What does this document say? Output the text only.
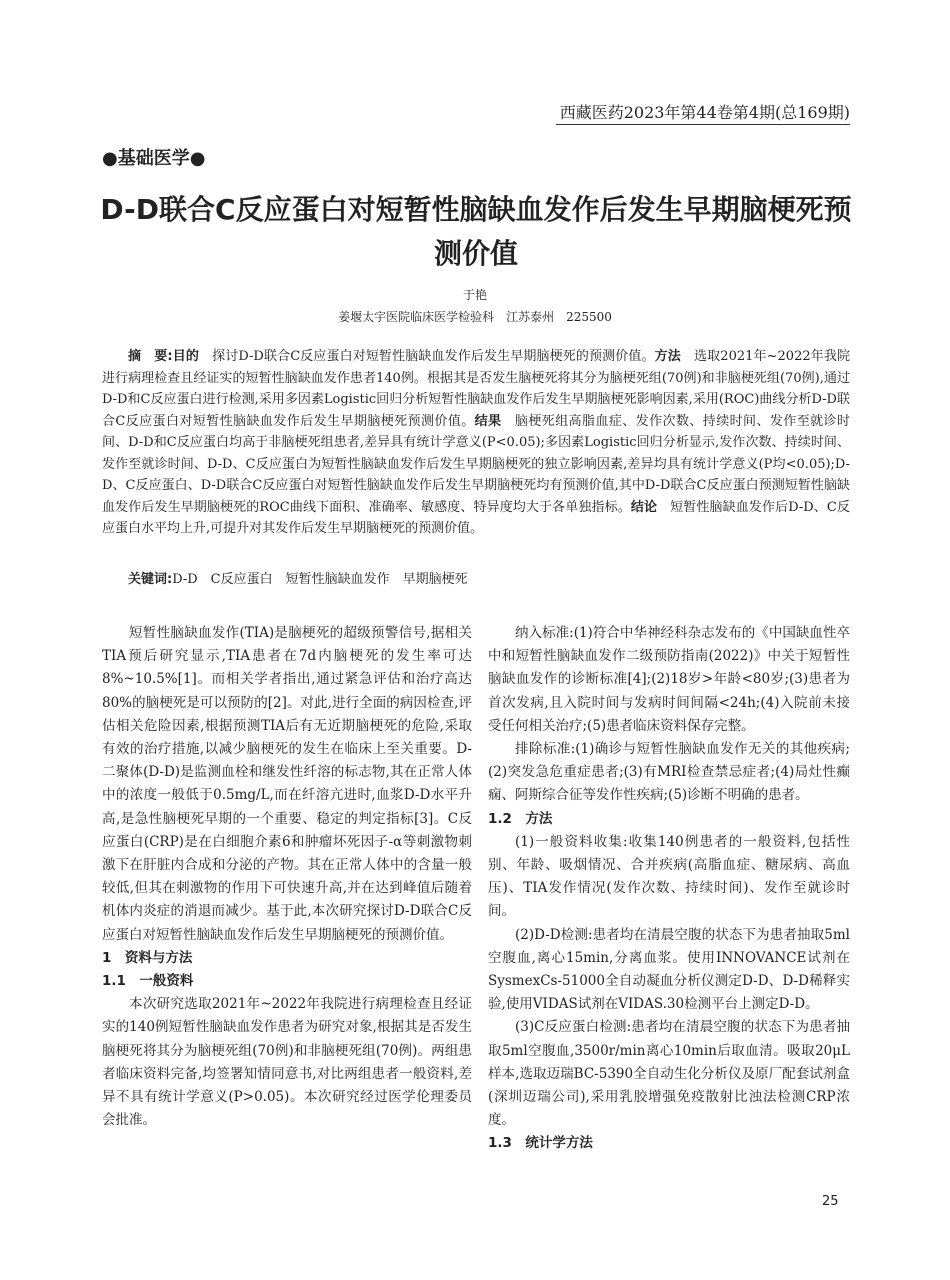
西藏医药2023年第44卷第4期(总169期)
●基础医学●
D-D联合C反应蛋白对短暂性脑缺血发作后发生早期脑梗死预测价值
于艳
姜堰太宇医院临床医学检验科　江苏泰州　225500

摘　要:目的　探讨D-D联合C反应蛋白对短暂性脑缺血发作后发生早期脑梗死的预测价值。方法　选取2021年~2022年我院进行病理检查且经证实的短暂性脑缺血发作患者140例。根据其是否发生脑梗死将其分为脑梗死组(70例)和非脑梗死组(70例),通过D-D和C反应蛋白进行检测,采用多因素Logistic回归分析短暂性脑缺血发作后发生早期脑梗死影响因素,采用(ROC)曲线分析D-D联合C反应蛋白对短暂性脑缺血发作后发生早期脑梗死预测价值。结果　脑梗死组高脂血症、发作次数、持续时间、发作至就诊时间、D-D和C反应蛋白均高于非脑梗死组患者,差异具有统计学意义(P<0.05);多因素Logistic回归分析显示,发作次数、持续时间、发作至就诊时间、D-D、C反应蛋白为短暂性脑缺血发作后发生早期脑梗死的独立影响因素,差异均具有统计学意义(P均<0.05);D-D、C反应蛋白、D-D联合C反应蛋白对短暂性脑缺血发作后发生早期脑梗死均有预测价值,其中D-D联合C反应蛋白预测短暂性脑缺血发作后发生早期脑梗死的ROC曲线下面积、准确率、敏感度、特异度均大于各单独指标。结论　短暂性脑缺血发作后D-D、C反应蛋白水平均上升,可提升对其发作后发生早期脑梗死的预测价值。

关键词:D-D　C反应蛋白　短暂性脑缺血发作　早期脑梗死

短暂性脑缺血发作(TIA)是脑梗死的超级预警信号,据相关TIA预后研究显示,TIA患者在7d内脑梗死的发生率可达8%~10.5%[1]。而相关学者指出,通过紧急评估和治疗高达80%的脑梗死是可以预防的[2]。对此,进行全面的病因检查,评估相关危险因素,根据预测TIA后有无近期脑梗死的危险,采取有效的治疗措施,以减少脑梗死的发生在临床上至关重要。D-二聚体(D-D)是监测血栓和继发性纤溶的标志物,其在正常人体中的浓度一般低于0.5mg/L,而在纤溶亢进时,血浆D-D水平升高,是急性脑梗死早期的一个重要、稳定的判定指标[3]。C反应蛋白(CRP)是在白细胞介素6和肿瘤坏死因子-α等刺激物刺激下在肝脏内合成和分泌的产物。其在正常人体中的含量一般较低,但其在刺激物的作用下可快速升高,并在达到峰值后随着机体内炎症的消退而减少。基于此,本次研究探讨D-D联合C反应蛋白对短暂性脑缺血发作后发生早期脑梗死的预测价值。

1　资料与方法

1.1　一般资料

本次研究选取2021年~2022年我院进行病理检查且经证实的140例短暂性脑缺血发作患者为研究对象,根据其是否发生脑梗死将其分为脑梗死组(70例)和非脑梗死组(70例)。两组患者临床资料完备,均签署知情同意书,对比两组患者一般资料,差异不具有统计学意义(P>0.05)。本次研究经过医学伦理委员会批准。

纳入标准:(1)符合中华神经科杂志发布的《中国缺血性卒中和短暂性脑缺血发作二级预防指南(2022)》中关于短暂性脑缺血发作的诊断标准[4];(2)18岁>年龄<80岁;(3)患者为首次发病,且入院时间与发病时间间隔<24h;(4)入院前未接受任何相关治疗;(5)患者临床资料保存完整。

排除标准:(1)确诊与短暂性脑缺血发作无关的其他疾病;(2)突发急危重症患者;(3)有MRI检查禁忌症者;(4)局灶性癫痫、阿斯综合征等发作性疾病;(5)诊断不明确的患者。

1.2　方法

(1)一般资料收集:收集140例患者的一般资料,包括性别、年龄、吸烟情况、合并疾病(高脂血症、糖尿病、高血压)、TIA发作情况(发作次数、持续时间)、发作至就诊时间。

(2)D-D检测:患者均在清晨空腹的状态下为患者抽取5ml空腹血,离心15min,分离血浆。使用INNOVANCE试剂在SysmexCs-51000全自动凝血分析仪测定D-D、D-D稀释实验,使用VIDAS试剂在VIDAS.30检测平台上测定D-D。

(3)C反应蛋白检测:患者均在清晨空腹的状态下为患者抽取5ml空腹血,3500r/min离心10min后取血清。吸取20μL样本,选取迈瑞BC-5390全自动生化分析仪及原厂配套试剂盒(深圳迈瑞公司),采用乳胶增强免疫散射比浊法检测CRP浓度。

1.3　统计学方法

25
